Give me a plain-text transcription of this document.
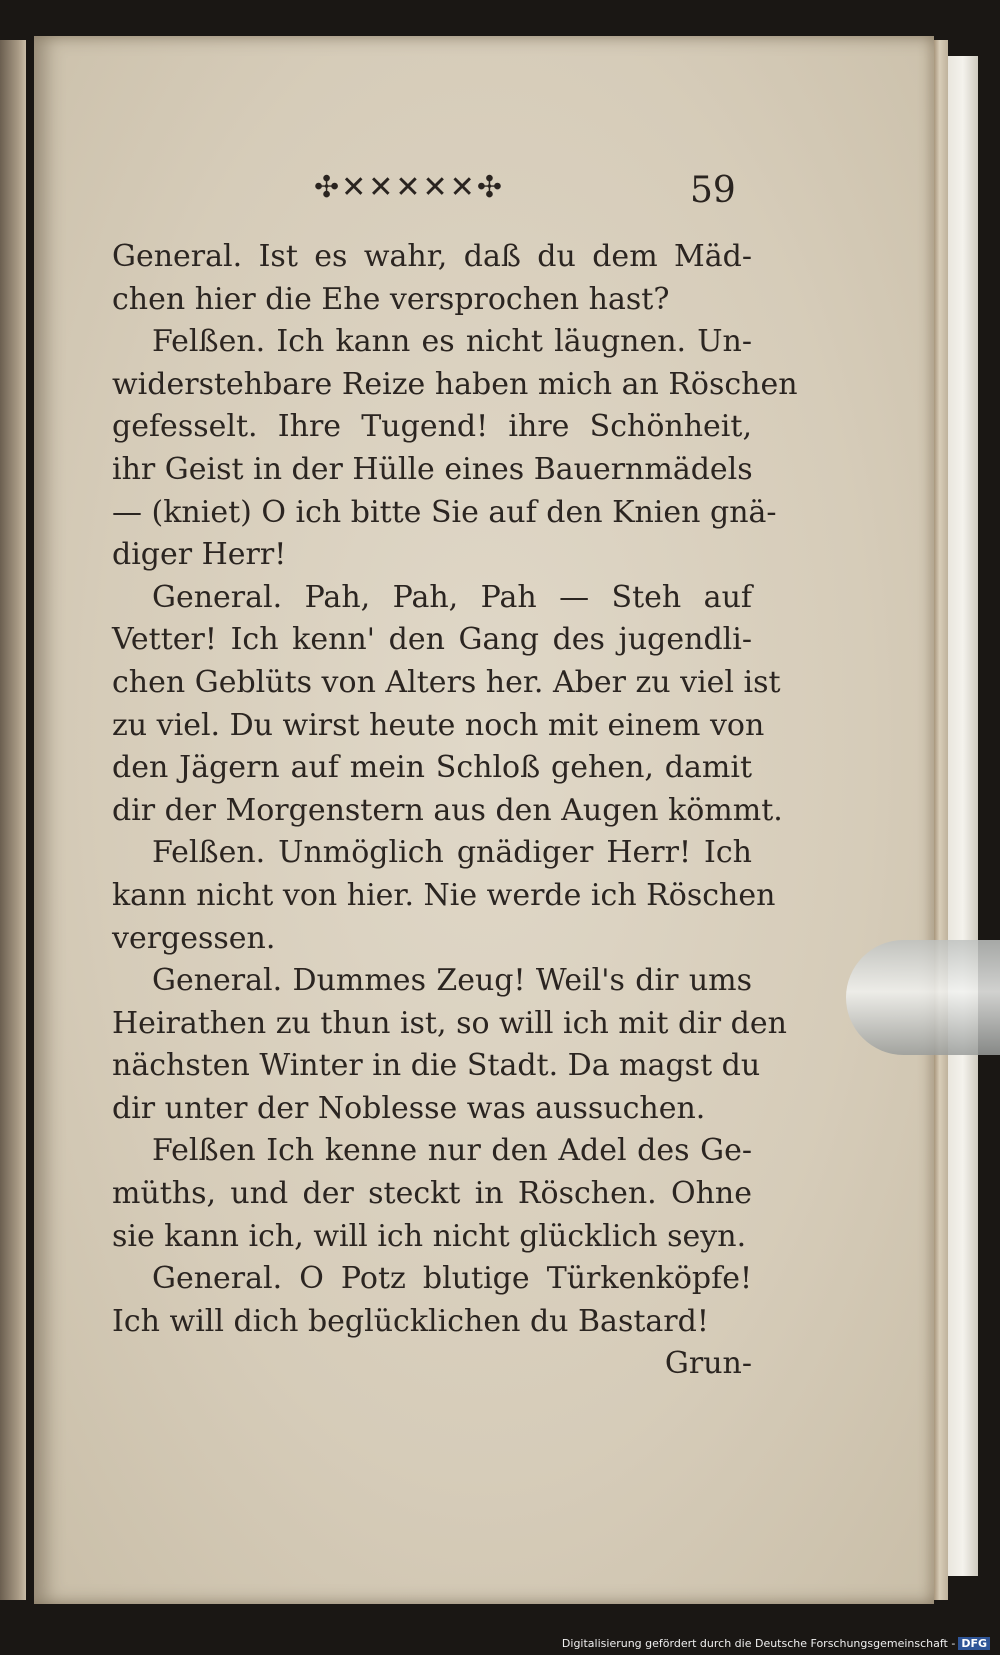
✣✕✕✕✕✕✣	59
General. Ist es wahr, daß du dem Mäd-
chen hier die Ehe versprochen hast?
Felßen. Ich kann es nicht läugnen. Un-
widerstehbare Reize haben mich an Röschen
gefesselt. Ihre Tugend! ihre Schönheit,
ihr Geist in der Hülle eines Bauernmädels
— (kniet) O ich bitte Sie auf den Knien gnä-
diger Herr!
General. Pah, Pah, Pah — Steh auf
Vetter! Ich kenn' den Gang des jugendli-
chen Geblüts von Alters her. Aber zu viel ist
zu viel. Du wirst heute noch mit einem von
den Jägern auf mein Schloß gehen, damit
dir der Morgenstern aus den Augen kömmt.
Felßen. Unmöglich gnädiger Herr! Ich
kann nicht von hier. Nie werde ich Röschen
vergessen.
General. Dummes Zeug! Weil's dir ums
Heirathen zu thun ist, so will ich mit dir den
nächsten Winter in die Stadt. Da magst du
dir unter der Noblesse was aussuchen.
Felßen Ich kenne nur den Adel des Ge-
müths, und der steckt in Röschen. Ohne
sie kann ich, will ich nicht glücklich seyn.
General. O Potz blutige Türkenköpfe!
Ich will dich beglücklichen du Bastard!
Grun-
Digitalisierung gefördert durch die Deutsche Forschungsgemeinschaft - DFG
